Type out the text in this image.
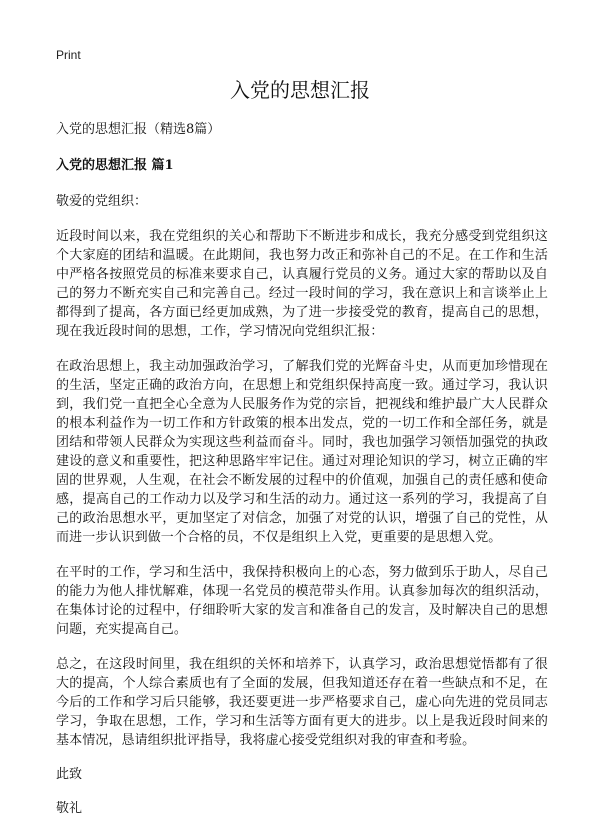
Print
入党的思想汇报

入党的思想汇报（精选8篇）

入党的思想汇报 篇1

敬爱的党组织：

近段时间以来，我在党组织的关心和帮助下不断进步和成长，我充分感受到党组织这个大家庭的团结和温暖。在此期间，我也努力改正和弥补自己的不足。在工作和生活中严格各按照党员的标准来要求自己，认真履行党员的义务。通过大家的帮助以及自己的努力不断充实自己和完善自己。经过一段时间的学习，我在意识上和言谈举止上都得到了提高，各方面已经更加成熟，为了进一步接受党的教育，提高自己的思想，现在我近段时间的思想，工作，学习情况向党组织汇报：

在政治思想上，我主动加强政治学习，了解我们党的光辉奋斗史，从而更加珍惜现在的生活，坚定正确的政治方向，在思想上和党组织保持高度一致。通过学习，我认识到，我们党一直把全心全意为人民服务作为党的宗旨，把视线和维护最广大人民群众的根本利益作为一切工作和方针政策的根本出发点，党的一切工作和全部任务，就是团结和带领人民群众为实现这些利益而奋斗。同时，我也加强学习领悟加强党的执政建设的意义和重要性，把这种思路牢牢记住。通过对理论知识的学习，树立正确的牢固的世界观，人生观，在社会不断发展的过程中的价值观，加强自己的责任感和使命感，提高自己的工作动力以及学习和生活的动力。通过这一系列的学习，我提高了自己的政治思想水平，更加坚定了对信念，加强了对党的认识，增强了自己的党性，从而进一步认识到做一个合格的员，不仅是组织上入党，更重要的是思想入党。

在平时的工作，学习和生活中，我保持积极向上的心态，努力做到乐于助人，尽自己的能力为他人排忧解难，体现一名党员的模范带头作用。认真参加每次的组织活动，在集体讨论的过程中，仔细聆听大家的发言和准备自己的发言，及时解决自己的思想问题，充实提高自己。

总之，在这段时间里，我在组织的关怀和培养下，认真学习，政治思想觉悟都有了很大的提高，个人综合素质也有了全面的发展，但我知道还存在着一些缺点和不足，在今后的工作和学习后只能够，我还要更进一步严格要求自己，虚心向先进的党员同志学习，争取在思想，工作，学习和生活等方面有更大的进步。以上是我近段时间来的基本情况，恳请组织批评指导，我将虚心接受党组织对我的审查和考验。

此致

敬礼
